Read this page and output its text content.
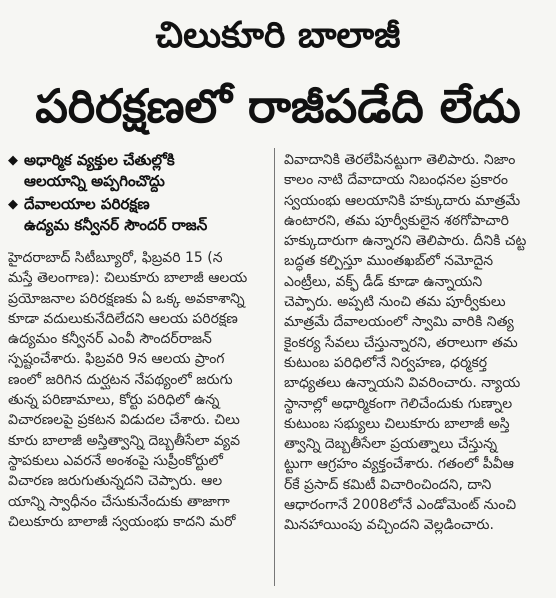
చిలుకూరి బాలాజీ
పరిరక్షణలో రాజీపడేది లేదు
◆ అధార్మిక వ్యక్తుల చేతుల్లోకి
ఆలయాన్ని అప్పగించొద్దు
◆ దేవాలయాల పరిరక్షణ
ఉద్యమ కన్వీనర్ సౌందర్ రాజన్
హైదరాబాద్ సిటీబ్యూరో, ఫిబ్రవరి 15 (న
మస్తే తెలంగాణ): చిలుకూరు బాలాజీ ఆలయ
ప్రయోజనాల పరిరక్షణకు ఏ ఒక్క అవకాశాన్ని
కూడా వదులుకునేదిలేదని ఆలయ పరిరక్షణ
ఉద్యమం కన్వీనర్ ఎంవీ సౌందర్‌రాజన్
స్పష్టంచేశారు. ఫిబ్రవరి 9న ఆలయ ప్రాంగ
ణంలో జరిగిన దుర్ఘటన నేపథ్యంలో జరుగు
తున్న పరిణామాలు, కోర్టు పరిధిలో ఉన్న
విచారణలపై ప్రకటన విడుదల చేశారు. చిలు
కూరు బాలాజీ అస్తిత్వాన్ని దెబ్బతీసేలా వ్యవ
స్థాపకులు ఎవరనే అంశంపై సుప్రీంకోర్టులో
విచారణ జరుగుతున్నదని చెప్పారు. ఆల
యాన్ని స్వాధీనం చేసుకునేందుకు తాజాగా
చిలుకూరు బాలాజీ స్వయంభు కాదని మరో
వివాదానికి తెరలేపినట్టుగా తెలిపారు. నిజాం
కాలం నాటి దేవాదాయ నిబంధనల ప్రకారం
స్వయంభు ఆలయానికి హక్కుదారు మాత్రమే
ఉంటారని, తమ పూర్వీకులైన శఠగోపాచారి
హక్కుదారుగా ఉన్నారని తెలిపారు. దీనికి చట్ట
బద్ధత కల్పిస్తూ ముంతఖబ్‌లో నమోదైన
ఎంట్రీలు, వక్ఫ్ డీడ్ కూడా ఉన్నాయని
చెప్పారు. అప్పటి నుంచి తమ పూర్వీకులు
మాత్రమే దేవాలయంలో స్వామి వారికి నిత్య
కైంకర్య సేవలు చేస్తున్నారని, తరాలుగా తమ
కుటుంబ పరిధిలోనే నిర్వహణ, ధర్మకర్త
బాధ్యతలు ఉన్నాయని వివరించారు. న్యాయ
స్థానాల్లో అధార్మికంగా గెలిచేందుకు గుణ్నాల
కుటుంబ సభ్యులు చిలుకూరు బాలాజీ అస్తి
త్వాన్ని దెబ్బతీసేలా ప్రయత్నాలు చేస్తున్న
ట్టుగా ఆగ్రహం వ్యక్తంచేశారు. గతంలో పీవీఆ
ర్‌కే ప్రసాద్ కమిటీ విచారించిందని, దాని
ఆధారంగానే 2008లోనే ఎండోమెంట్ నుంచి
మినహాయింపు వచ్చిందని వెల్లడించారు.
